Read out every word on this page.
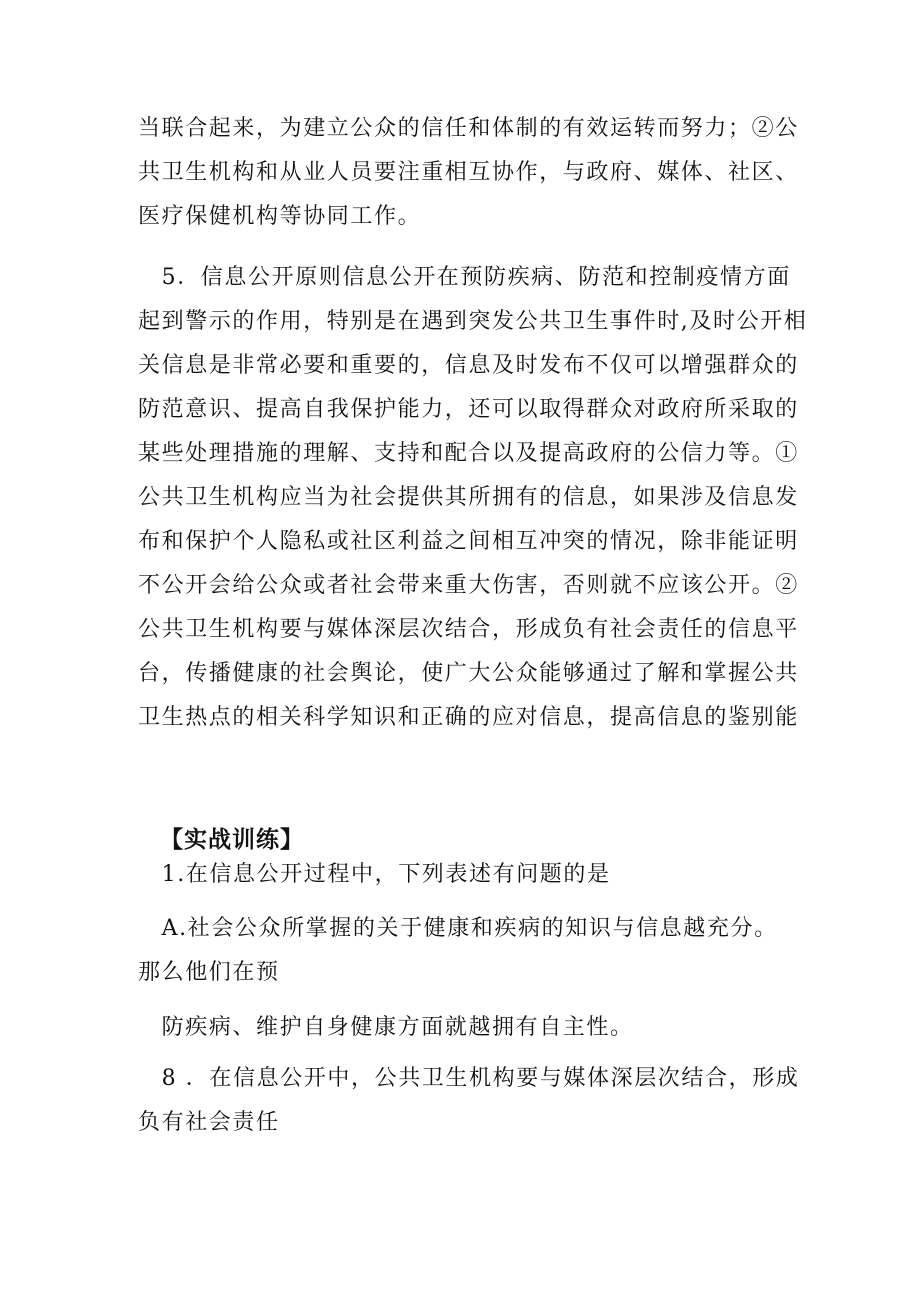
当联合起来，为建立公众的信任和体制的有效运转而努力；②公
共卫生机构和从业人员要注重相互协作，与政府、媒体、社区、
医疗保健机构等协同工作。
　5．信息公开原则信息公开在预防疾病、防范和控制疫情方面
起到警示的作用，特别是在遇到突发公共卫生事件时,及时公开相
关信息是非常必要和重要的，信息及时发布不仅可以增强群众的
防范意识、提高自我保护能力，还可以取得群众对政府所采取的
某些处理措施的理解、支持和配合以及提高政府的公信力等。①
公共卫生机构应当为社会提供其所拥有的信息，如果涉及信息发
布和保护个人隐私或社区利益之间相互冲突的情况，除非能证明
不公开会给公众或者社会带来重大伤害，否则就不应该公开。②
公共卫生机构要与媒体深层次结合，形成负有社会责任的信息平
台，传播健康的社会舆论，使广大公众能够通过了解和掌握公共
卫生热点的相关科学知识和正确的应对信息，提高信息的鉴别能
【实战训练】
　1.在信息公开过程中，下列表述有问题的是
　A.社会公众所掌握的关于健康和疾病的知识与信息越充分。
那么他们在预
　防疾病、维护自身健康方面就越拥有自主性。
　8 ．在信息公开中，公共卫生机构要与媒体深层次结合，形成
负有社会责任
